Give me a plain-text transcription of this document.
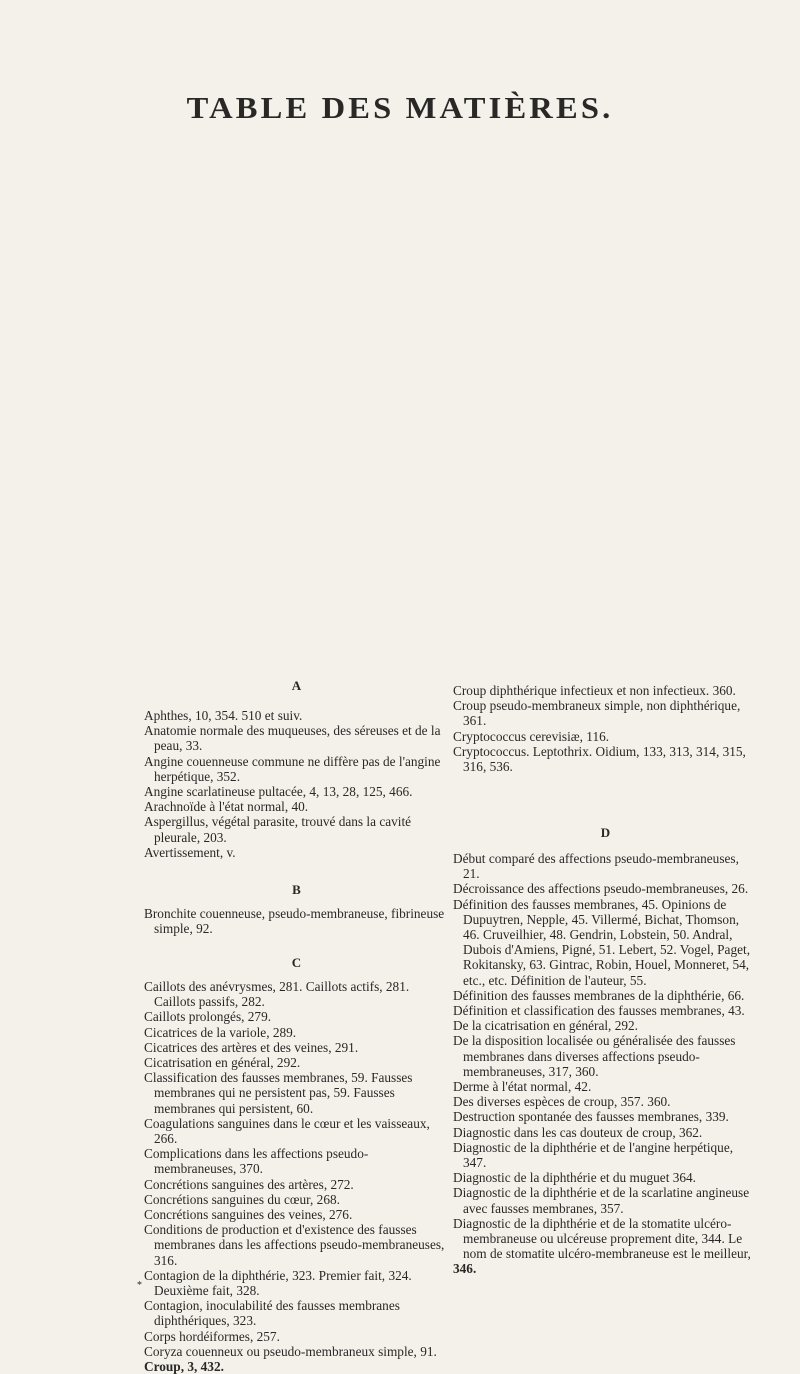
TABLE DES MATIÈRES.

A

Aphthes, 10, 354. 510 et suiv.

Anatomie normale des muqueuses, des séreuses et de la peau, 33.

Angine couenneuse commune ne diffère pas de l'angine herpétique, 352.

Angine scarlatineuse pultacée, 4, 13, 28, 125, 466.

Arachnoïde à l'état normal, 40.

Aspergillus, végétal parasite, trouvé dans la cavité pleurale, 203.

Avertissement, v.

B

Bronchite couenneuse, pseudo-membraneuse, fibrineuse simple, 92.

C

Caillots des anévrysmes, 281. Caillots actifs, 281. Caillots passifs, 282.

Caillots prolongés, 279.

Cicatrices de la variole, 289.

Cicatrices des artères et des veines, 291.

Cicatrisation en général, 292.

Classification des fausses membranes, 59. Fausses membranes qui ne persistent pas, 59. Fausses membranes qui persistent, 60.

Coagulations sanguines dans le cœur et les vaisseaux, 266.

Complications dans les affections pseudo-membraneuses, 370.

Concrétions sanguines des artères, 272.

Concrétions sanguines du cœur, 268.

Concrétions sanguines des veines, 276.

Conditions de production et d'existence des fausses membranes dans les affections pseudo-membraneuses, 316.

Contagion de la diphthérie, 323. Premier fait, 324. Deuxième fait, 328.

Contagion, inoculabilité des fausses membranes diphthériques, 323.

Corps hordéiformes, 257.

Coryza couenneux ou pseudo-membraneux simple, 91.

Croup, 3, 432.

Croup diphthérique infectieux et non infectieux. 360.

Croup pseudo-membraneux simple, non diphthérique, 361.

Cryptococcus cerevisiæ, 116.

Cryptococcus. Leptothrix. Oidium, 133, 313, 314, 315, 316, 536.

D

Début comparé des affections pseudo-membraneuses, 21.

Décroissance des affections pseudo-membraneuses, 26.

Définition des fausses membranes, 45. Opinions de Dupuytren, Nepple, 45. Villermé, Bichat, Thomson, 46. Cruveilhier, 48. Gendrin, Lobstein, 50. Andral, Dubois d'Amiens, Pigné, 51. Lebert, 52. Vogel, Paget, Rokitansky, 63. Gintrac, Robin, Houel, Monneret, 54, etc., etc. Définition de l'auteur, 55.

Définition des fausses membranes de la diphthérie, 66.

Définition et classification des fausses membranes, 43.

De la cicatrisation en général, 292.

De la disposition localisée ou généralisée des fausses membranes dans diverses affections pseudo-membraneuses, 317, 360.

Derme à l'état normal, 42.

Des diverses espèces de croup, 357. 360.

Destruction spontanée des fausses membranes, 339.

Diagnostic dans les cas douteux de croup, 362.

Diagnostic de la diphthérie et de l'angine herpétique, 347.

Diagnostic de la diphthérie et du muguet 364.

Diagnostic de la diphthérie et de la scarlatine angineuse avec fausses membranes, 357.

Diagnostic de la diphthérie et de la stomatite ulcéro-membraneuse ou ulcéreuse proprement dite, 344. Le nom de stomatite ulcéro-membraneuse est le meilleur,

346.

*
